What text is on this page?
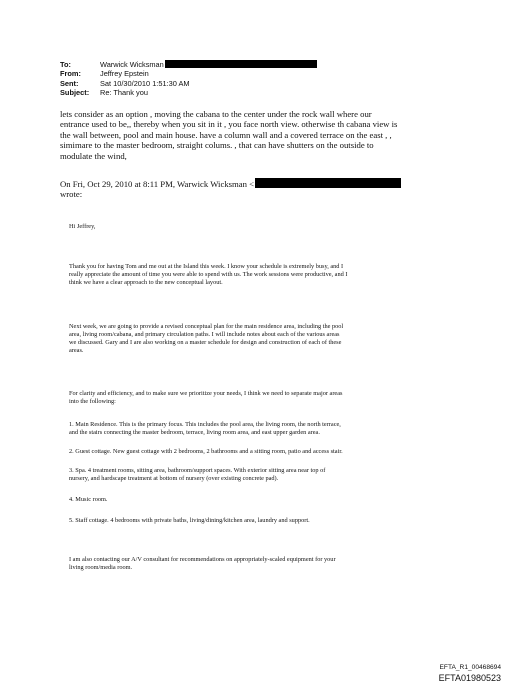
To:	Warwick Wicksman
From:	Jeffrey Epstein
Sent:	Sat 10/30/2010 1:51:30 AM
Subject:	Re: Thank you
lets consider as an option , moving the cabana to the center under the rock wall where our
entrance used to be,, thereby when you sit in it , you face north view. otherwise th cabana view is
the wall between, pool and main house. have a column wall and a covered terrace on the east , ,
simimare to the master bedroom, straight colums. , that can have shutters on the outside to
modulate the wind,
On Fri, Oct 29, 2010 at 8:11 PM, Warwick Wicksman <
wrote:
Hi Jeffrey,
Thank you for having Tom and me out at the Island this week. I know your schedule is extremely busy, and I
really appreciate the amount of time you were able to spend with us. The work sessions were productive, and I
think we have a clear approach to the new conceptual layout.
Next week, we are going to provide a revised conceptual plan for the main residence area, including the pool
area, living room/cabana, and primary circulation paths. I will include notes about each of the various areas
we discussed. Gary and I are also working on a master schedule for design and construction of each of these
areas.
For clarity and efficiency, and to make sure we prioritize your needs, I think we need to separate major areas
into the following:
1. Main Residence. This is the primary focus. This includes the pool area, the living room, the north terrace,
and the stairs connecting the master bedroom, terrace, living room area, and east upper garden area.
2. Guest cottage. New guest cottage with 2 bedrooms, 2 bathrooms and a sitting room, patio and access stair.
3. Spa. 4 treatment rooms, sitting area, bathroom/support spaces. With exterior sitting area near top of
nursery, and hardscape treatment at bottom of nursery (over existing concrete pad).
4. Music room.
5. Staff cottage. 4 bedrooms with private baths, living/dining/kitchen area, laundry and support.
I am also contacting our A/V consultant for recommendations on appropriately-scaled equipment for your
living room/media room.
EFTA_R1_00468694
EFTA01980523
